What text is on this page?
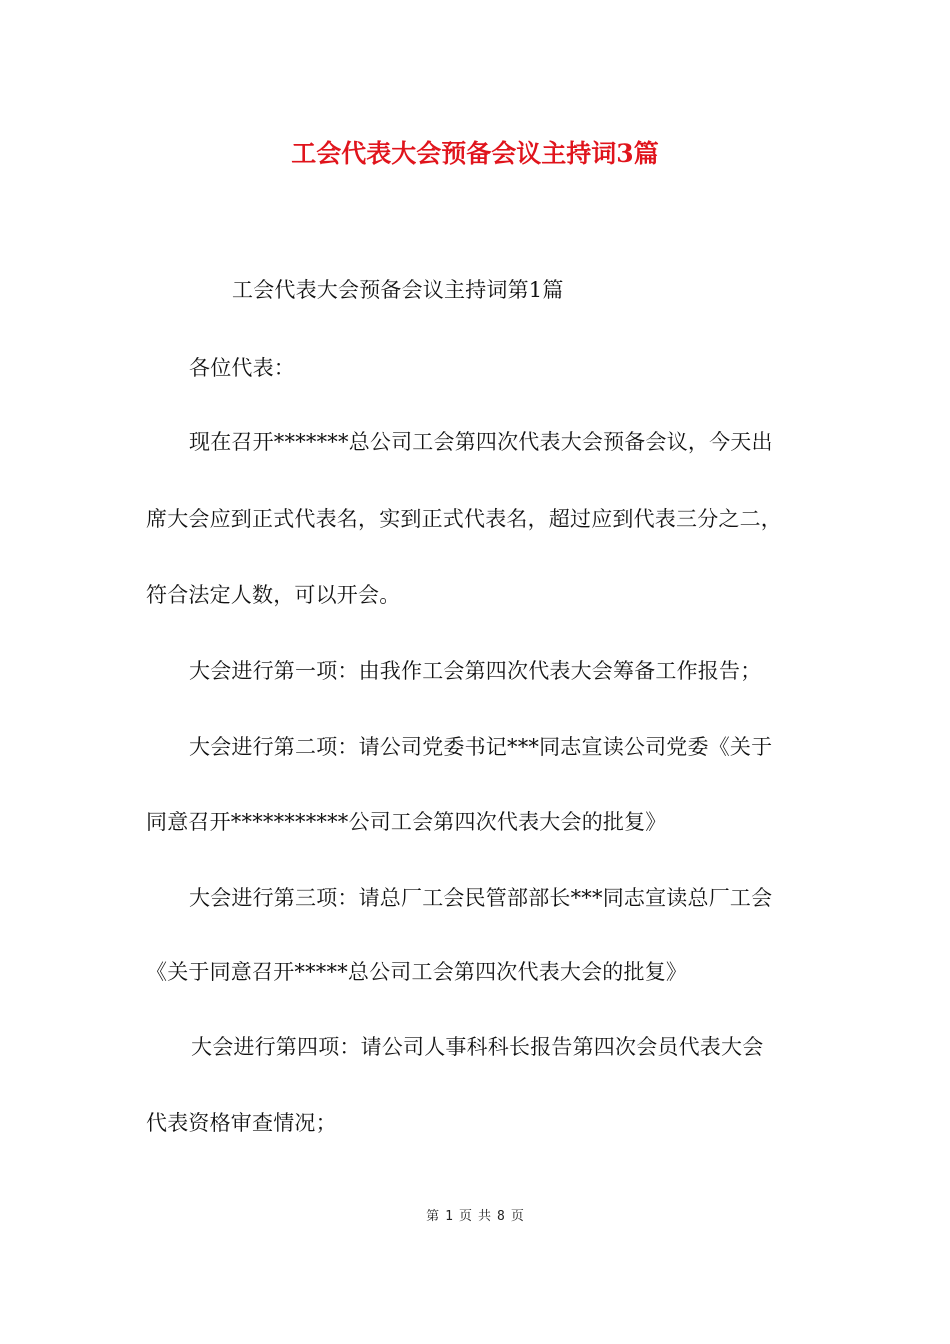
工会代表大会预备会议主持词3篇
工会代表大会预备会议主持词第1篇
各位代表：
现在召开*******总公司工会第四次代表大会预备会议，今天出
席大会应到正式代表名，实到正式代表名，超过应到代表三分之二，
符合法定人数，可以开会。
大会进行第一项：由我作工会第四次代表大会筹备工作报告；
大会进行第二项：请公司党委书记***同志宣读公司党委《关于
同意召开***********公司工会第四次代表大会的批复》
大会进行第三项：请总厂工会民管部部长***同志宣读总厂工会
《关于同意召开*****总公司工会第四次代表大会的批复》
大会进行第四项：请公司人事科科长报告第四次会员代表大会
代表资格审查情况；
第 1 页 共 8 页
